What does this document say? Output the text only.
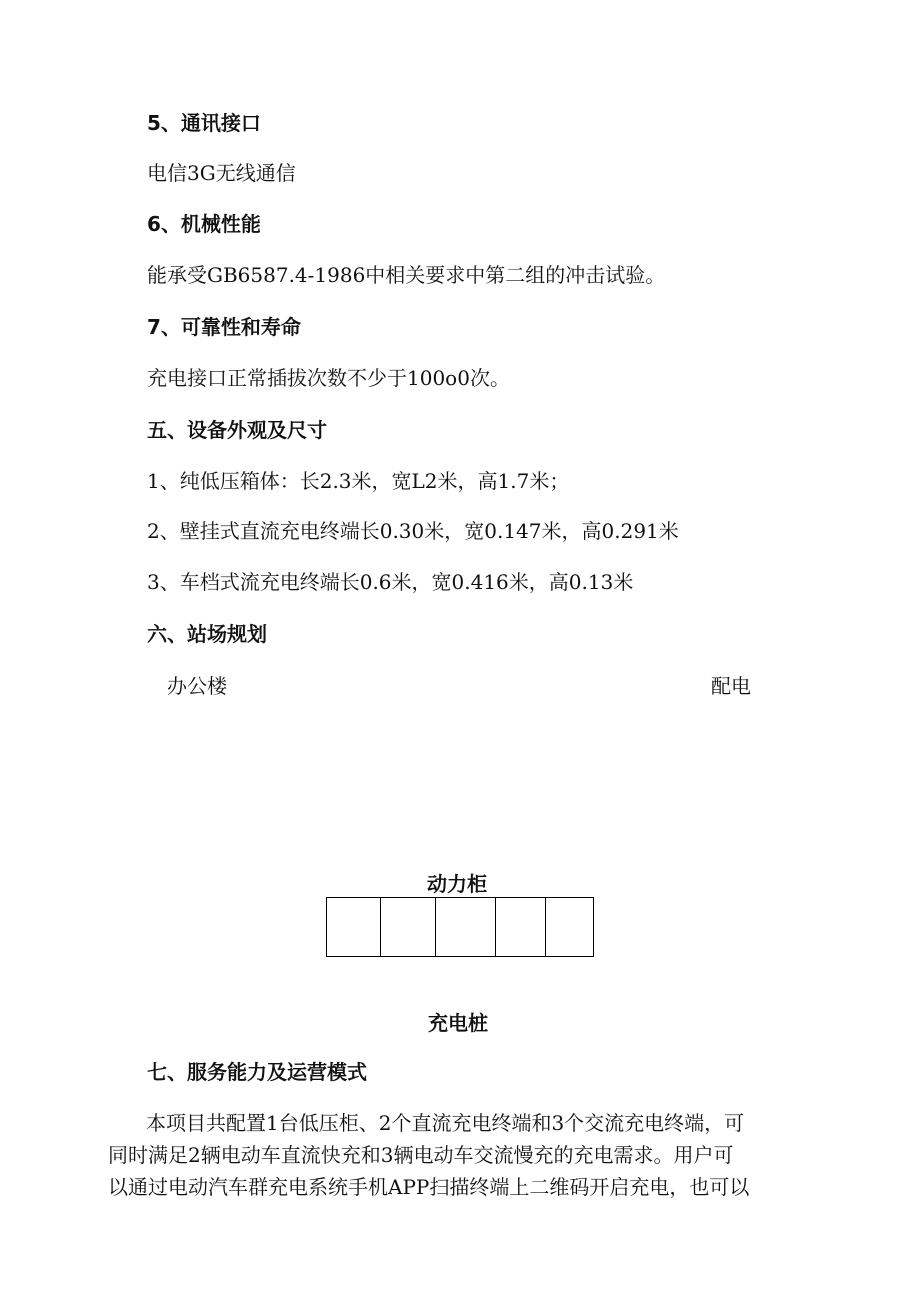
5、通讯接口
电信3G无线通信
6、机械性能
能承受GB6587.4-1986中相关要求中第二组的冲击试验。
7、可靠性和寿命
充电接口正常插拔次数不少于100o0次。
五、设备外观及尺寸
1、纯低压箱体：长2.3米，宽L2米，高1.7米；
2、壁挂式直流充电终端长0.30米，宽0.147米，高0.291米
3、车档式流充电终端长0.6米，宽0.416米，高0.13米
六、站场规划
办公楼	配电
动力柜
充电桩
七、服务能力及运营模式
本项目共配置1台低压柜、2个直流充电终端和3个交流充电终端，可
同时满足2辆电动车直流快充和3辆电动车交流慢充的充电需求。用户可
以通过电动汽车群充电系统手机APP扫描终端上二维码开启充电，也可以
